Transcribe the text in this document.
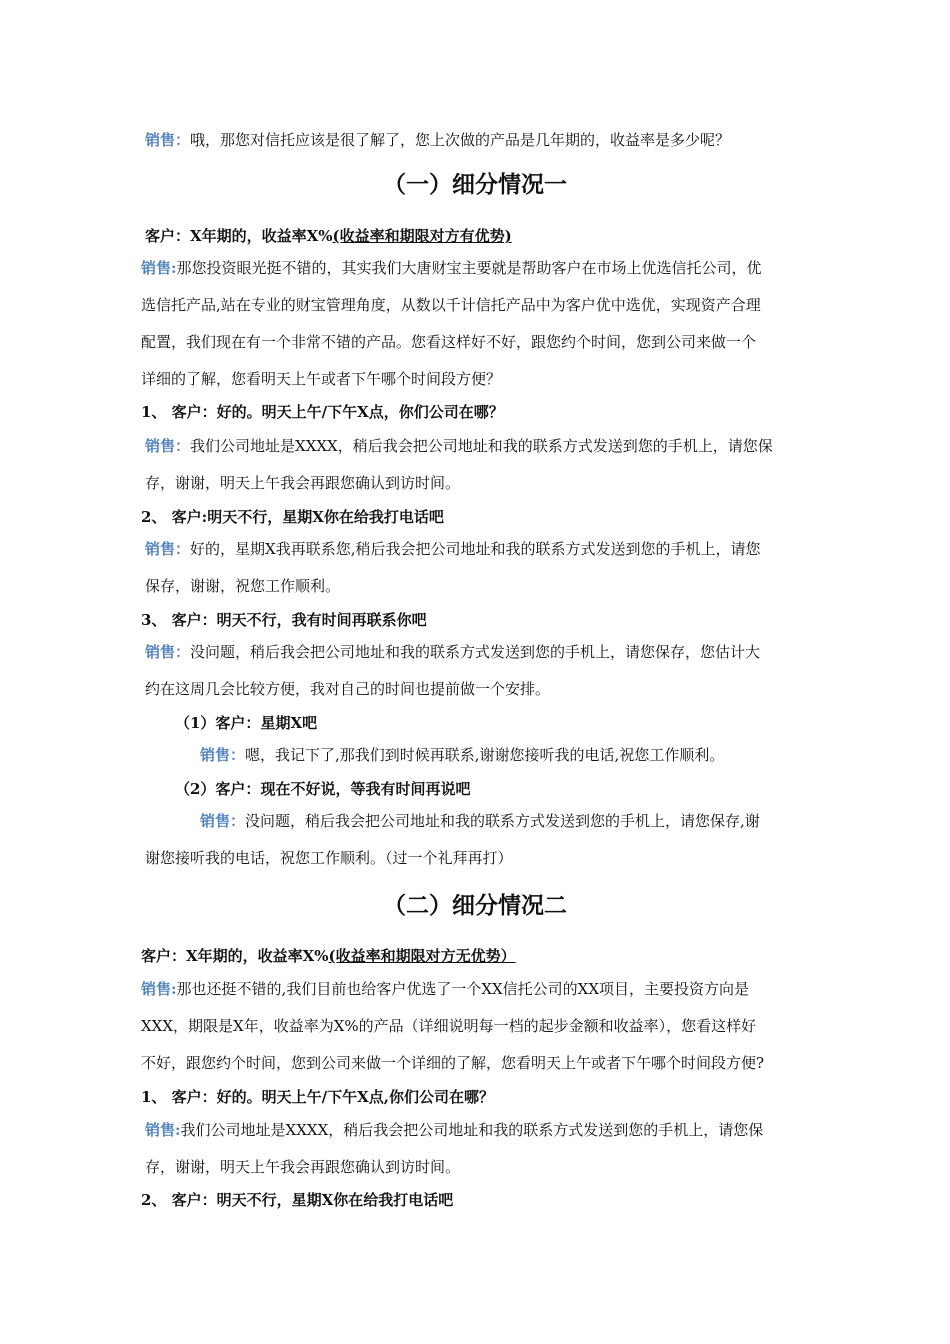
销售：哦，那您对信托应该是很了解了，您上次做的产品是几年期的，收益率是多少呢？
（一）细分情况一
客户：X年期的，收益率X%(收益率和期限对方有优势)
销售:那您投资眼光挺不错的，其实我们大唐财宝主要就是帮助客户在市场上优选信托公司，优
选信托产品,站在专业的财宝管理角度，从数以千计信托产品中为客户优中选优，实现资产合理
配置，我们现在有一个非常不错的产品。您看这样好不好，跟您约个时间，您到公司来做一个
详细的了解，您看明天上午或者下午哪个时间段方便？
1、 客户：好的。明天上午/下午X点，你们公司在哪？
销售：我们公司地址是XXXX，稍后我会把公司地址和我的联系方式发送到您的手机上，请您保
存，谢谢，明天上午我会再跟您确认到访时间。
2、 客户:明天不行，星期X你在给我打电话吧
销售：好的，星期X我再联系您,稍后我会把公司地址和我的联系方式发送到您的手机上，请您
保存，谢谢，祝您工作顺利。
3、 客户：明天不行，我有时间再联系你吧
销售：没问题，稍后我会把公司地址和我的联系方式发送到您的手机上，请您保存，您估计大
约在这周几会比较方便，我对自己的时间也提前做一个安排。
（1）客户：星期X吧
销售：嗯，我记下了,那我们到时候再联系,谢谢您接听我的电话,祝您工作顺利。
（2）客户：现在不好说，等我有时间再说吧
销售：没问题，稍后我会把公司地址和我的联系方式发送到您的手机上，请您保存,谢
谢您接听我的电话，祝您工作顺利。（过一个礼拜再打）
（二）细分情况二
客户：X年期的，收益率X%(收益率和期限对方无优势）
销售:那也还挺不错的,我们目前也给客户优选了一个XX信托公司的XX项目，主要投资方向是
XXX，期限是X年，收益率为X%的产品（详细说明每一档的起步金额和收益率），您看这样好
不好，跟您约个时间，您到公司来做一个详细的了解，您看明天上午或者下午哪个时间段方便?
1、 客户：好的。明天上午/下午X点,你们公司在哪？
销售:我们公司地址是XXXX，稍后我会把公司地址和我的联系方式发送到您的手机上，请您保
存，谢谢，明天上午我会再跟您确认到访时间。
2、 客户：明天不行，星期X你在给我打电话吧
